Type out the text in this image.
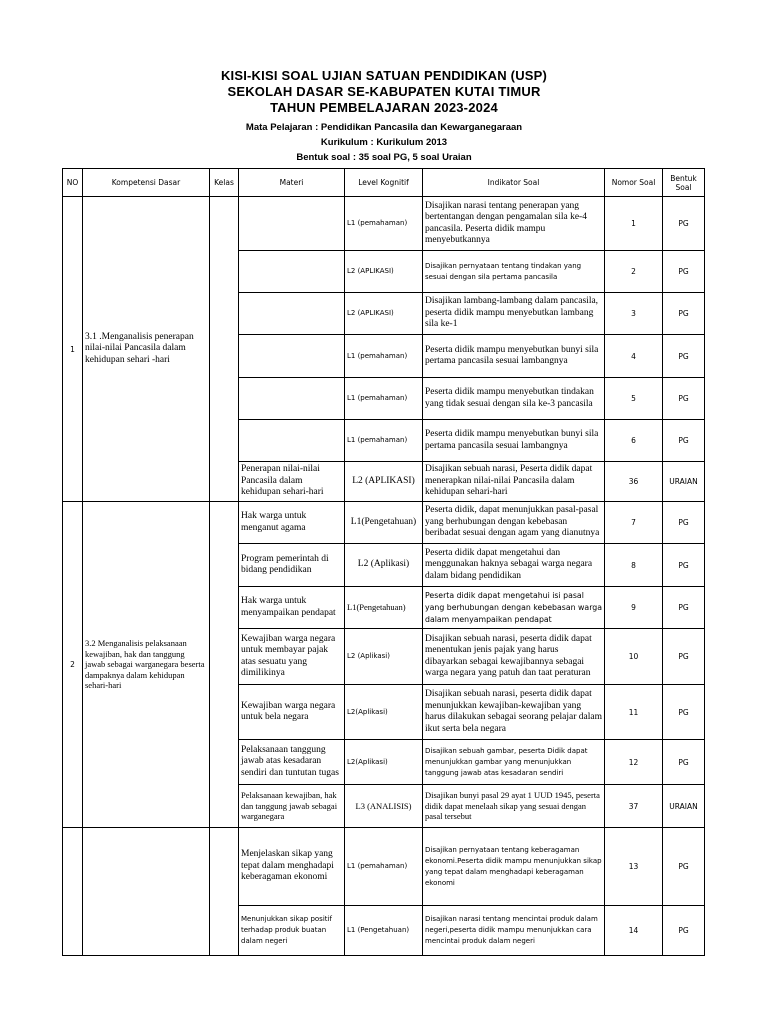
KISI-KISI SOAL UJIAN SATUAN PENDIDIKAN (USP)
SEKOLAH DASAR SE-KABUPATEN KUTAI TIMUR
TAHUN PEMBELAJARAN 2023-2024
Mata Pelajaran : Pendidikan Pancasila dan Kewarganegaraan
Kurikulum : Kurikulum 2013
Bentuk soal : 35 soal PG, 5 soal Uraian
NO	Kompetensi Dasar	Kelas	Materi	Level Kognitif	Indikator Soal	Nomor Soal	Bentuk Soal
1	3.1 .Menganalisis penerapan nilai-nilai Pancasila dalam kehidupan sehari -hari			L1 (pemahaman)	Disajikan narasi tentang penerapan yang bertentangan dengan pengamalan sila ke-4 pancasila. Peserta didik mampu menyebutkannya	1	PG
				L2 (APLIKASI)	Disajikan pernyataan tentang tindakan yang sesuai dengan sila pertama pancasila	2	PG
				L2 (APLIKASI)	Disajikan lambang-lambang dalam pancasila, peserta didik mampu menyebutkan lambang sila ke-1	3	PG
				L1 (pemahaman)	Peserta didik mampu menyebutkan bunyi sila pertama pancasila sesuai lambangnya	4	PG
				L1 (pemahaman)	Peserta didik mampu menyebutkan tindakan yang tidak sesuai dengan sila ke-3 pancasila	5	PG
				L1 (pemahaman)	Peserta didik mampu menyebutkan bunyi sila pertama pancasila sesuai lambangnya	6	PG
			Penerapan nilai-nilai Pancasila dalam kehidupan sehari-hari	L2 (APLIKASI)	Disajikan sebuah narasi, Peserta didik dapat menerapkan nilai-nilai Pancasila dalam kehidupan sehari-hari	36	URAIAN
2	3.2 Menganalisis pelaksanaan kewajiban, hak dan tanggung jawab sebagai warganegara beserta dampaknya dalam kehidupan sehari-hari		Hak warga untuk menganut agama	L1(Pengetahuan)	Peserta didik, dapat menunjukkan pasal-pasal yang berhubungan dengan kebebasan beribadat sesuai dengan agam yang dianutnya	7	PG
			Program pemerintah di bidang pendidikan	L2 (Aplikasi)	Peserta didik dapat mengetahui dan menggunakan haknya sebagai warga negara dalam bidang pendidikan	8	PG
			Hak warga untuk menyampaikan pendapat	L1(Pengetahuan)	Peserta didik dapat mengetahui isi pasal yang berhubungan dengan kebebasan warga dalam menyampaikan pendapat	9	PG
			Kewajiban warga negara untuk membayar pajak atas sesuatu yang dimilikinya	L2 (Aplikasi)	Disajikan sebuah narasi, peserta didik dapat menentukan jenis pajak yang harus dibayarkan sebagai kewajibannya sebagai warga negara yang patuh dan taat peraturan	10	PG
			Kewajiban warga negara untuk bela negara	L2(Aplikasi)	Disajikan sebuah narasi, peserta didik dapat menunjukkan kewajiban-kewajiban yang harus dilakukan sebagai seorang pelajar dalam ikut serta bela negara	11	PG
			Pelaksanaan tanggung jawab atas kesadaran sendiri dan tuntutan tugas	L2(Aplikasi)	Disajikan sebuah gambar, peserta Didik dapat menunjukkan gambar yang menunjukkan tanggung jawab atas kesadaran sendiri	12	PG
			Pelaksanaan kewajiban, hak dan tanggung jawab sebagai warganegara	L3 (ANALISIS)	Disajikan bunyi pasal 29 ayat 1 UUD 1945, peserta didik dapat menelaah sikap yang sesuai dengan pasal tersebut	37	URAIAN
			Menjelaskan sikap yang tepat dalam menghadapi keberagaman ekonomi	L1 (pemahaman)	Disajikan pernyataan tentang keberagaman ekonomi.Peserta didik mampu menunjukkan sikap yang tepat dalam menghadapi keberagaman ekonomi	13	PG
			Menunjukkan sikap positif terhadap produk buatan dalam negeri	L1 (Pengetahuan)	Disajikan narasi tentang mencintai produk dalam negeri,peserta didik mampu menunjukkan cara mencintai produk dalam negeri	14	PG
